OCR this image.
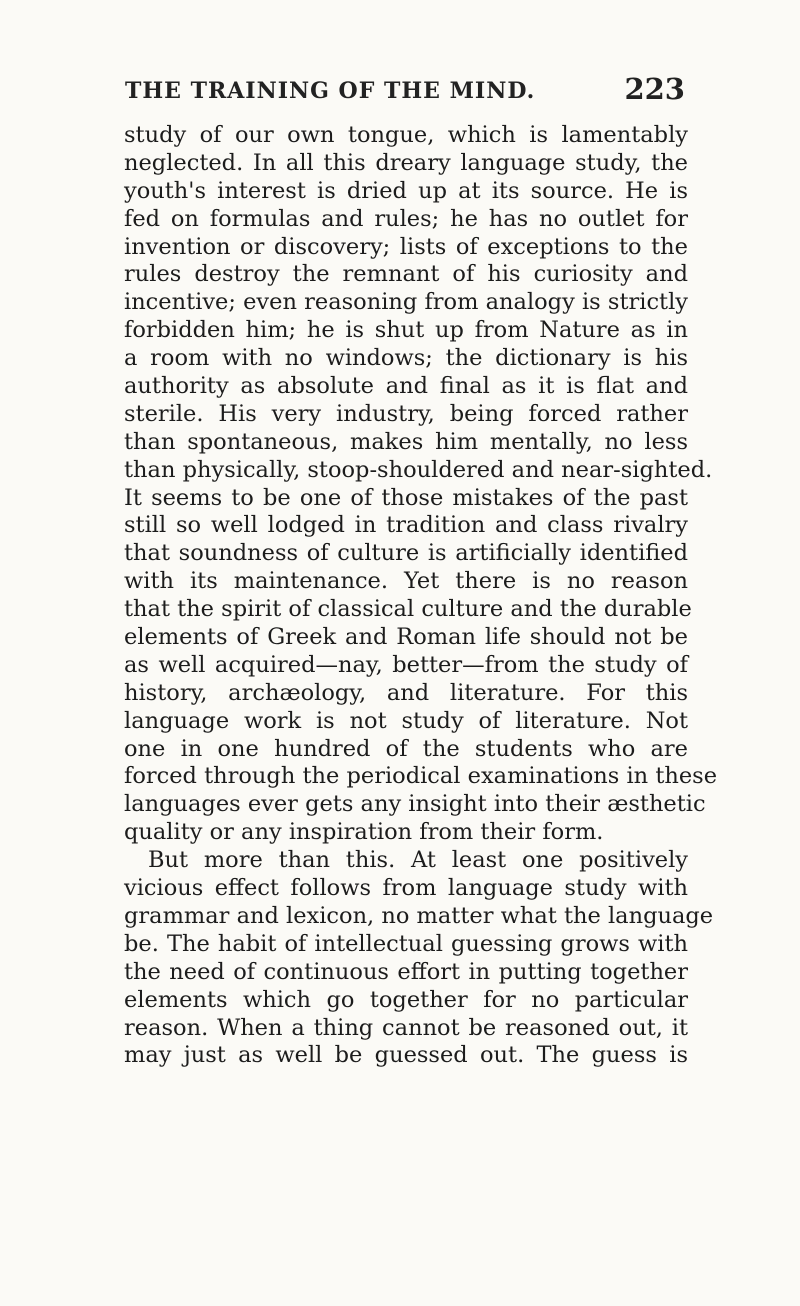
THE TRAINING OF THE MIND.	223
study of our own tongue, which is lamentably
neglected. In all this dreary language study, the
youth's interest is dried up at its source. He is
fed on formulas and rules; he has no outlet for
invention or discovery; lists of exceptions to the
rules destroy the remnant of his curiosity and
incentive; even reasoning from analogy is strictly
forbidden him; he is shut up from Nature as in
a room with no windows; the dictionary is his
authority as absolute and final as it is flat and
sterile. His very industry, being forced rather
than spontaneous, makes him mentally, no less
than physically, stoop-shouldered and near-sighted.
It seems to be one of those mistakes of the past
still so well lodged in tradition and class rivalry
that soundness of culture is artificially identified
with its maintenance. Yet there is no reason
that the spirit of classical culture and the durable
elements of Greek and Roman life should not be
as well acquired—nay, better—from the study of
history, archæology, and literature. For this
language work is not study of literature. Not
one in one hundred of the students who are
forced through the periodical examinations in these
languages ever gets any insight into their æsthetic
quality or any inspiration from their form.
But more than this. At least one positively
vicious effect follows from language study with
grammar and lexicon, no matter what the language
be. The habit of intellectual guessing grows with
the need of continuous effort in putting together
elements which go together for no particular
reason. When a thing cannot be reasoned out, it
may just as well be guessed out. The guess is
